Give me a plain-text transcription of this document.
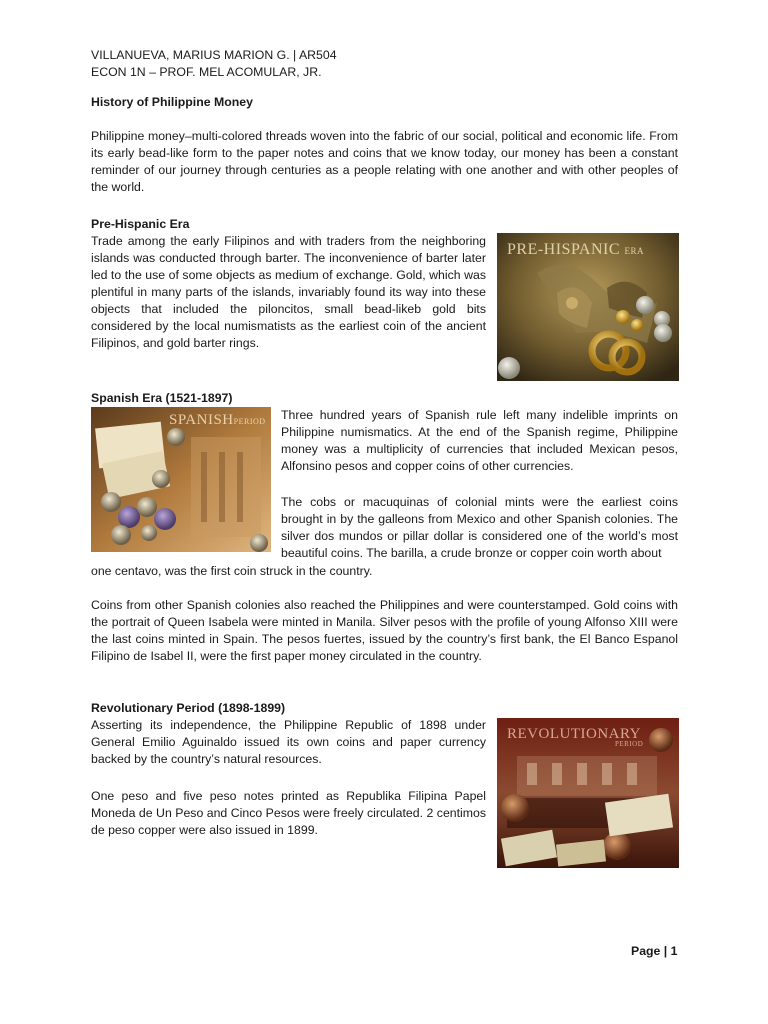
VILLANUEVA, MARIUS MARION G. | AR504

ECON 1N – PROF. MEL ACOMULAR, JR.

History of Philippine Money

Philippine money–multi-colored threads woven into the fabric of our social, political and economic life. From its early bead-like form to the paper notes and coins that we know today, our money has been a constant reminder of our journey through centuries as a people relating with one another and with other peoples of the world.

Pre-Hispanic Era

Trade among the early Filipinos and with traders from the neighboring islands was conducted through barter. The inconvenience of barter later led to the use of some objects as medium of exchange. Gold, which was plentiful in many parts of the islands, invariably found its way into these objects that included the piloncitos, small bead-likeb gold bits considered by the local numismatists as the earliest coin of the ancient Filipinos, and gold barter rings.

PRE-HISPANIC ERA

Spanish Era (1521-1897)

SPANISHPERIOD Three hundred years of Spanish rule left many indelible imprints on Philippine numismatics. At the end of the Spanish regime, Philippine money was a multiplicity of currencies that included Mexican pesos, Alfonsino pesos and copper coins of other currencies.

The cobs or macuquinas of colonial mints were the earliest coins brought in by the galleons from Mexico and other Spanish colonies. The silver dos mundos or pillar dollar is considered one of the world’s most beautiful coins. The barilla, a crude bronze or copper coin worth about

one centavo, was the first coin struck in the country.

Coins from other Spanish colonies also reached the Philippines and were counterstamped. Gold coins with the portrait of Queen Isabela were minted in Manila. Silver pesos with the profile of young Alfonso XIII were the last coins minted in Spain. The pesos fuertes, issued by the country’s first bank, the El Banco Espanol Filipino de Isabel II, were the first paper money circulated in the country.

Revolutionary Period (1898-1899)

Asserting its independence, the Philippine Republic of 1898 under General Emilio Aguinaldo issued its own coins and paper currency backed by the country’s natural resources.

One peso and five peso notes printed as Republika Filipina Papel Moneda de Un Peso and Cinco Pesos were freely circulated. 2 centimos de peso copper were also issued in 1899.

REVOLUTIONARY
PERIOD

Page | 1
